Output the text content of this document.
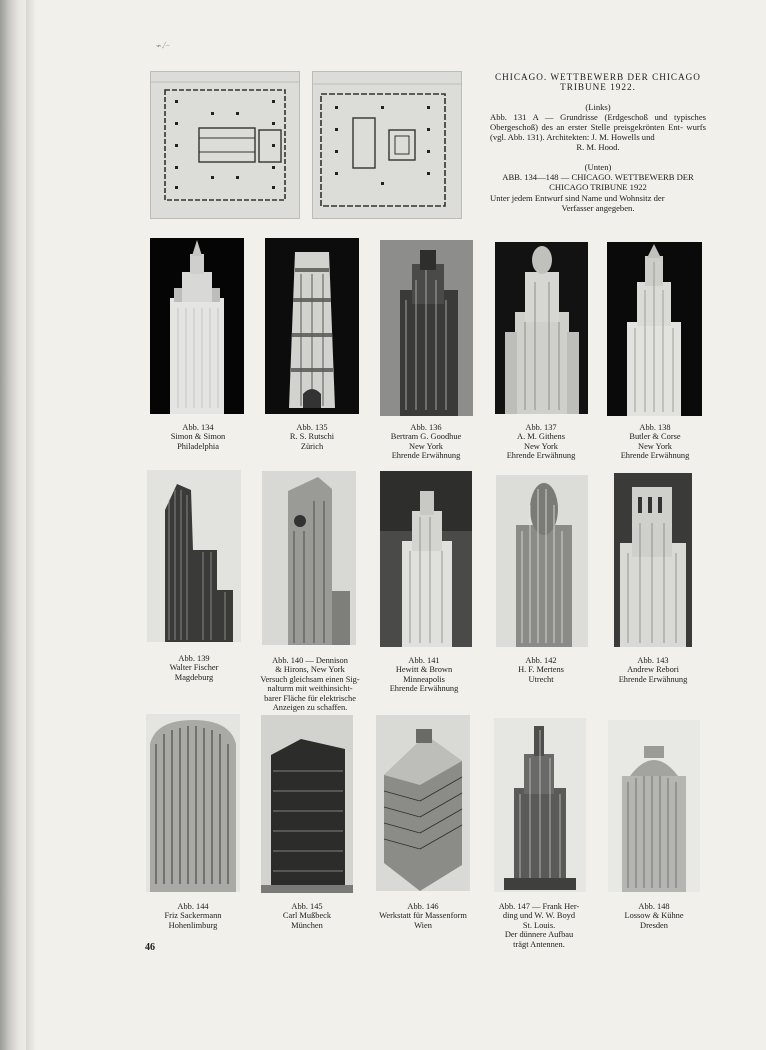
⌁.⁄₋
CHICAGO. WETTBEWERB DER CHICAGO
TRIBUNE 1922.
(Links)

Abb. 131 A — Grundrisse (Erdgeschoß und typisches Obergeschoß) des an erster Stelle preisgekrönten Ent- wurfs (vgl. Abb. 131). Architekten: J. M. Howells und

R. M. Hood.
(Unten)
ABB. 134—148 — CHICAGO. WETTBEWERB DER
CHICAGO TRIBUNE 1922

Unter jedem Entwurf sind Name und Wohnsitz der

Verfasser angegeben.
Abb. 134
Simon & Simon
Philadelphia
Abb. 135
R. S. Rutschi
Zürich
Abb. 136
Bertram G. Goodhue
New York
Ehrende Erwähnung
Abb. 137
A. M. Githens
New York
Ehrende Erwähnung
Abb. 138
Butler & Corse
New York
Ehrende Erwähnung
Abb. 139
Walter Fischer
Magdeburg
Abb. 140 — Dennison
& Hirons, New York
Versuch gleichsam einen Sig-
nalturm mit weithinsicht-
barer Fläche für elektrische
Anzeigen zu schaffen.
Abb. 141
Hewitt & Brown
Minneapolis
Ehrende Erwähnung
Abb. 142
H. F. Mertens
Utrecht
Abb. 143
Andrew Rebori
Ehrende Erwähnung
Abb. 144
Friz Sackermann
Hohenlimburg
Abb. 145
Carl Mußbeck
München
Abb. 146
Werkstatt für Massenform
Wien
Abb. 147 — Frank Her-
ding und W. W. Boyd
St. Louis.
Der dünnere Aufbau
trägt Antennen.
Abb. 148
Lossow & Kühne
Dresden
46
